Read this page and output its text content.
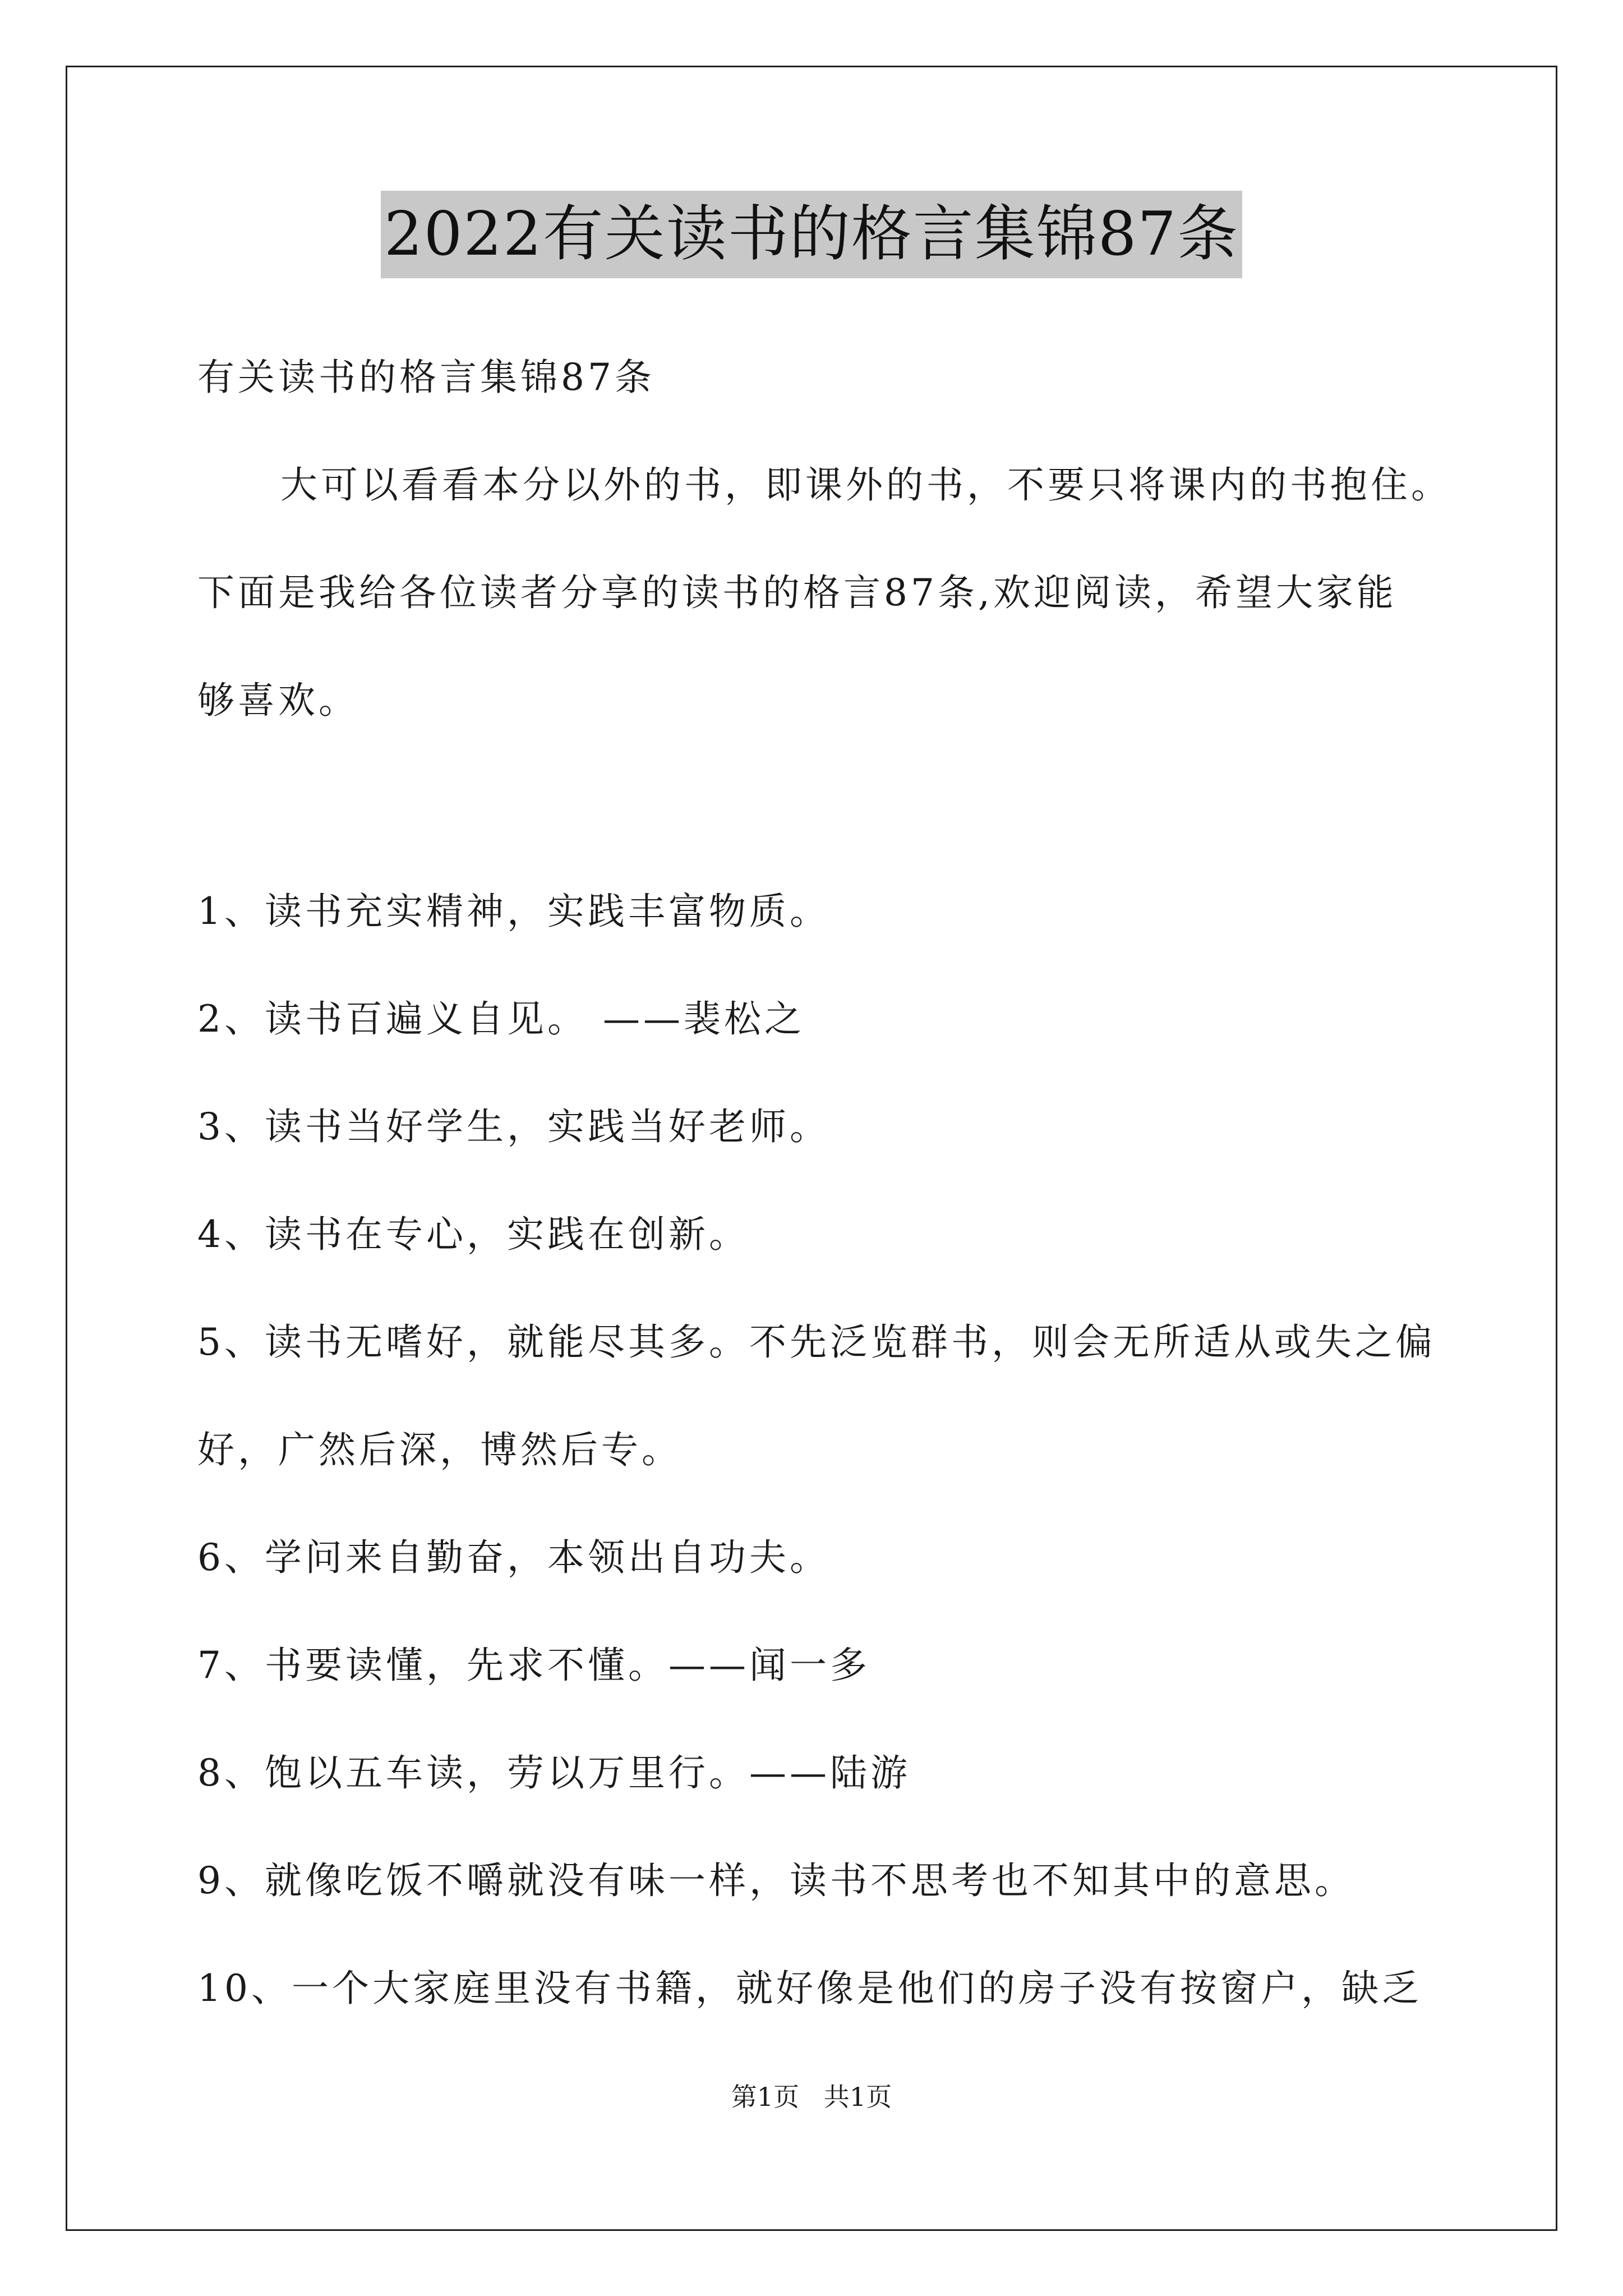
2022有关读书的格言集锦87条
有关读书的格言集锦87条
大可以看看本分以外的书，即课外的书，不要只将课内的书抱住。
下面是我给各位读者分享的读书的格言87条,欢迎阅读，希望大家能
够喜欢。
1、读书充实精神，实践丰富物质。
2、读书百遍义自见。 ——裴松之
3、读书当好学生，实践当好老师。
4、读书在专心，实践在创新。
5、读书无嗜好，就能尽其多。不先泛览群书，则会无所适从或失之偏
好，广然后深，博然后专。
6、学问来自勤奋，本领出自功夫。
7、书要读懂，先求不懂。——闻一多
8、饱以五车读，劳以万里行。——陆游
9、就像吃饭不嚼就没有味一样，读书不思考也不知其中的意思。
10、一个大家庭里没有书籍，就好像是他们的房子没有按窗户，缺乏
第1页   共1页
